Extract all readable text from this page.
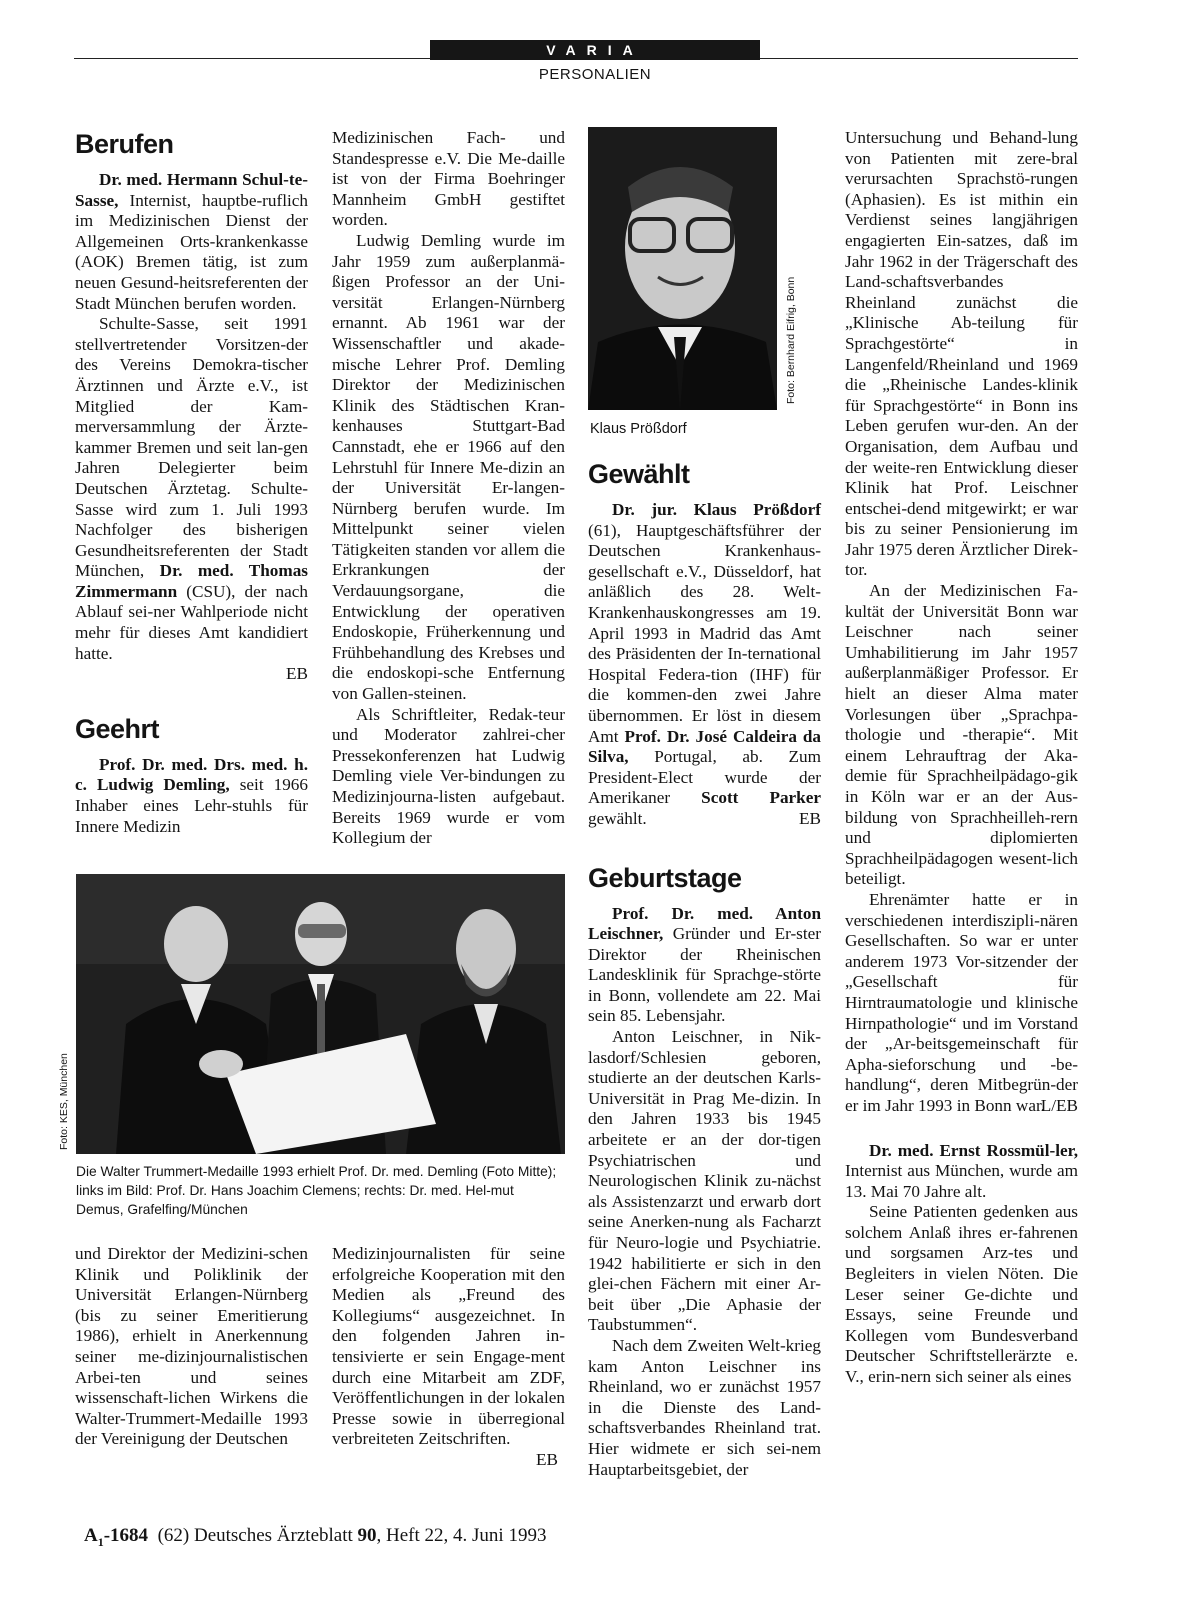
VARIA
PERSONALIEN
Berufen

Dr. med. Hermann Schul-te-Sasse, Internist, hauptbe-ruflich im Medizinischen Dienst der Allgemeinen Orts-krankenkasse (AOK) Bremen tätig, ist zum neuen Gesund-heitsreferenten der Stadt München berufen worden.

Schulte-Sasse, seit 1991 stellvertretender Vorsitzen-der des Vereins Demokra-tischer Ärztinnen und Ärzte e.V., ist Mitglied der Kam-merversammlung der Ärzte-kammer Bremen und seit lan-gen Jahren Delegierter beim Deutschen Ärztetag. Schulte-Sasse wird zum 1. Juli 1993 Nachfolger des bisherigen Gesundheitsreferenten der Stadt München, Dr. med. Thomas Zimmermann (CSU), der nach Ablauf sei-ner Wahlperiode nicht mehr für dieses Amt kandidiert hatte.

EB

Geehrt

Prof. Dr. med. Drs. med. h. c. Ludwig Demling, seit 1966 Inhaber eines Lehr-stuhls für Innere Medizin

Medizinischen Fach- und Standespresse e.V. Die Me-daille ist von der Firma Boehringer Mannheim GmbH gestiftet worden.

Ludwig Demling wurde im Jahr 1959 zum außerplanmä-ßigen Professor an der Uni-versität Erlangen-Nürnberg ernannt. Ab 1961 war der Wissenschaftler und akade-mische Lehrer Prof. Demling Direktor der Medizinischen Klinik des Städtischen Kran-kenhauses Stuttgart-Bad Cannstadt, ehe er 1966 auf den Lehrstuhl für Innere Me-dizin an der Universität Er-langen-Nürnberg berufen wurde. Im Mittelpunkt seiner vielen Tätigkeiten standen vor allem die Erkrankungen der Verdauungsorgane, die Entwicklung der operativen Endoskopie, Früherkennung und Frühbehandlung des Krebses und die endoskopi-sche Entfernung von Gallen-steinen.

Als Schriftleiter, Redak-teur und Moderator zahlrei-cher Pressekonferenzen hat Ludwig Demling viele Ver-bindungen zu Medizinjourna-listen aufgebaut. Bereits 1969 wurde er vom Kollegium der

Foto: KES, München
Die Walter Trummert-Medaille 1993 erhielt Prof. Dr. med. Demling (Foto Mitte); links im Bild: Prof. Dr. Hans Joachim Clemens; rechts: Dr. med. Hel-mut Demus, Grafelfing/München

und Direktor der Medizini-schen Klinik und Poliklinik der Universität Erlangen-Nürnberg (bis zu seiner Emeritierung 1986), erhielt in Anerkennung seiner me-dizinjournalistischen Arbei-ten und seines wissenschaft-lichen Wirkens die Walter-Trummert-Medaille 1993 der Vereinigung der Deutschen

Medizinjournalisten für seine erfolgreiche Kooperation mit den Medien als „Freund des Kollegiums“ ausgezeichnet. In den folgenden Jahren in-tensivierte er sein Engage-ment durch eine Mitarbeit am ZDF, Veröffentlichungen in der lokalen Presse sowie in überregional verbreiteten Zeitschriften.

EB
Foto: Bernhard Eifrig, Bonn
Klaus Prößdorf
Gewählt

Dr. jur. Klaus Prößdorf (61), Hauptgeschäftsführer der Deutschen Krankenhaus-gesellschaft e.V., Düsseldorf, hat anläßlich des 28. Welt-Krankenhauskongresses am 19. April 1993 in Madrid das Amt des Präsidenten der In-ternational Hospital Federa-tion (IHF) für die kommen-den zwei Jahre übernommen. Er löst in diesem Amt Prof. Dr. José Caldeira da Silva, Portugal, ab. Zum President-Elect wurde der Amerikaner Scott Parker gewählt.	EB

Geburtstage

Prof. Dr. med. Anton Leischner, Gründer und Er-ster Direktor der Rheinischen Landesklinik für Sprachge-störte in Bonn, vollendete am 22. Mai sein 85. Lebensjahr.

Anton Leischner, in Nik-lasdorf/Schlesien geboren, studierte an der deutschen Karls-Universität in Prag Me-dizin. In den Jahren 1933 bis 1945 arbeitete er an der dor-tigen Psychiatrischen und Neurologischen Klinik zu-nächst als Assistenzarzt und erwarb dort seine Anerken-nung als Facharzt für Neuro-logie und Psychiatrie. 1942 habilitierte er sich in den glei-chen Fächern mit einer Ar-beit über „Die Aphasie der Taubstummen“.

Nach dem Zweiten Welt-krieg kam Anton Leischner ins Rheinland, wo er zunächst 1957 in die Dienste des Land-schaftsverbandes Rheinland trat. Hier widmete er sich sei-nem Hauptarbeitsgebiet, der

Untersuchung und Behand-lung von Patienten mit zere-bral verursachten Sprachstö-rungen (Aphasien). Es ist mithin ein Verdienst seines langjährigen engagierten Ein-satzes, daß im Jahr 1962 in der Trägerschaft des Land-schaftsverbandes Rheinland zunächst die „Klinische Ab-teilung für Sprachgestörte“ in Langenfeld/Rheinland und 1969 die „Rheinische Landes-klinik für Sprachgestörte“ in Bonn ins Leben gerufen wur-den. An der Organisation, dem Aufbau und der weite-ren Entwicklung dieser Klinik hat Prof. Leischner entschei-dend mitgewirkt; er war bis zu seiner Pensionierung im Jahr 1975 deren Ärztlicher Direk-tor.

An der Medizinischen Fa-kultät der Universität Bonn war Leischner nach seiner Umhabilitierung im Jahr 1957 außerplanmäßiger Professor. Er hielt an dieser Alma mater Vorlesungen über „Sprachpa-thologie und -therapie“. Mit einem Lehrauftrag der Aka-demie für Sprachheilpädago-gik in Köln war er an der Aus-bildung von Sprachheilleh-rern und diplomierten Sprachheilpädagogen wesent-lich beteiligt.

Ehrenämter hatte er in verschiedenen interdiszipli-nären Gesellschaften. So war er unter anderem 1973 Vor-sitzender der „Gesellschaft für Hirntraumatologie und klinische Hirnpathologie“ und im Vorstand der „Ar-beitsgemeinschaft für Apha-sieforschung und -be-handlung“, deren Mitbegrün-der er im Jahr 1993 in Bonn war.

L/EB

Dr. med. Ernst Rossmül-ler, Internist aus München, wurde am 13. Mai 70 Jahre alt.

Seine Patienten gedenken aus solchem Anlaß ihres er-fahrenen und sorgsamen Arz-tes und Begleiters in vielen Nöten. Die Leser seiner Ge-dichte und Essays, seine Freunde und Kollegen vom Bundesverband Deutscher Schriftstellerärzte e. V., erin-nern sich seiner als eines

$A_1-1684$ (62) Deutsches Ärzteblatt 90, Heft 22, 4. Juni 1993
